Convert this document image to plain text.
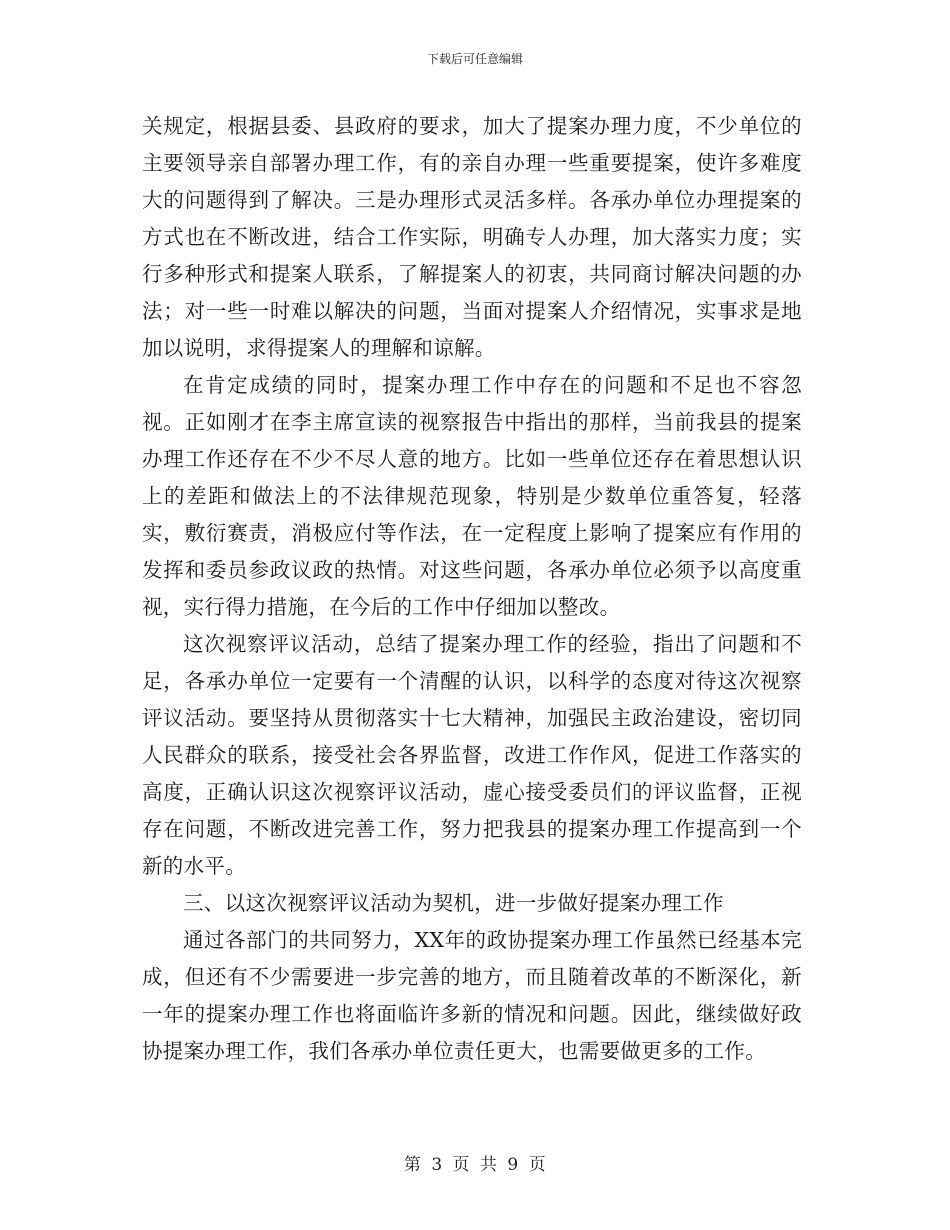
下载后可任意编辑

关规定，根据县委、县政府的要求，加大了提案办理力度，不少单位的主要领导亲自部署办理工作，有的亲自办理一些重要提案，使许多难度大的问题得到了解决。三是办理形式灵活多样。各承办单位办理提案的方式也在不断改进，结合工作实际，明确专人办理，加大落实力度；实行多种形式和提案人联系，了解提案人的初衷，共同商讨解决问题的办法；对一些一时难以解决的问题，当面对提案人介绍情况，实事求是地加以说明，求得提案人的理解和谅解。

在肯定成绩的同时，提案办理工作中存在的问题和不足也不容忽视。正如刚才在李主席宣读的视察报告中指出的那样，当前我县的提案办理工作还存在不少不尽人意的地方。比如一些单位还存在着思想认识上的差距和做法上的不法律规范现象，特别是少数单位重答复，轻落实，敷衍赛责，消极应付等作法，在一定程度上影响了提案应有作用的发挥和委员参政议政的热情。对这些问题，各承办单位必须予以高度重视，实行得力措施，在今后的工作中仔细加以整改。

这次视察评议活动，总结了提案办理工作的经验，指出了问题和不足，各承办单位一定要有一个清醒的认识，以科学的态度对待这次视察评议活动。要坚持从贯彻落实十七大精神，加强民主政治建设，密切同人民群众的联系，接受社会各界监督，改进工作作风，促进工作落实的高度，正确认识这次视察评议活动，虚心接受委员们的评议监督，正视存在问题，不断改进完善工作，努力把我县的提案办理工作提高到一个新的水平。

三、以这次视察评议活动为契机，进一步做好提案办理工作

通过各部门的共同努力，XX年的政协提案办理工作虽然已经基本完成，但还有不少需要进一步完善的地方，而且随着改革的不断深化，新一年的提案办理工作也将面临许多新的情况和问题。因此，继续做好政协提案办理工作，我们各承办单位责任更大，也需要做更多的工作。

第 3 页 共 9 页
